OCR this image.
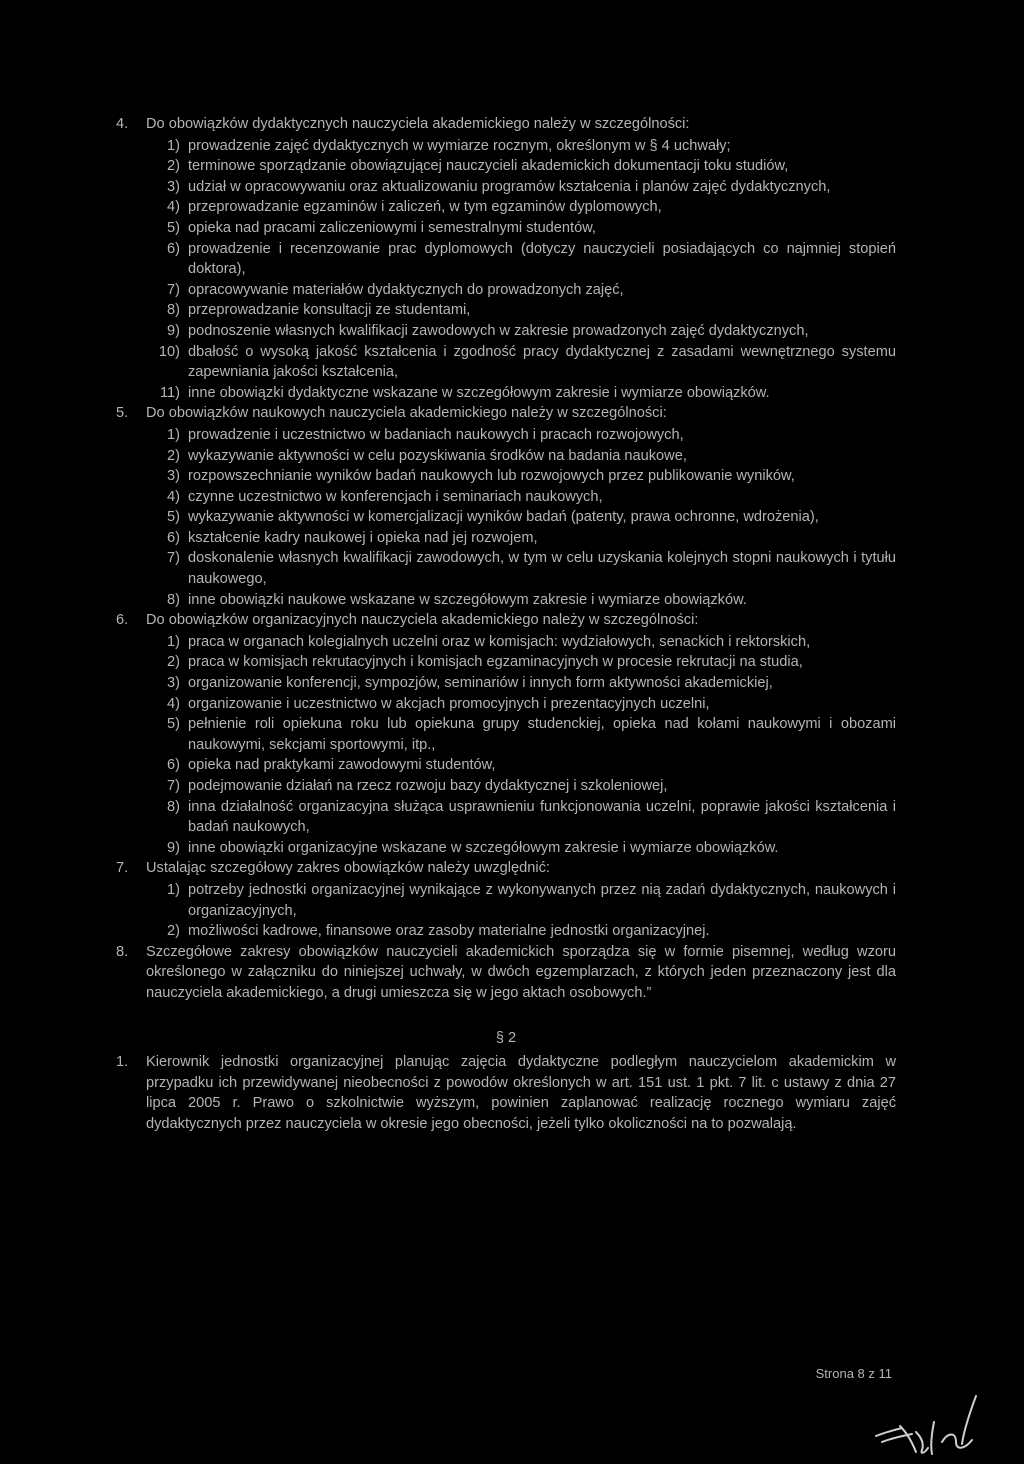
4.	Do obowiązków dydaktycznych nauczyciela akademickiego należy w szczególności:
1) prowadzenie zajęć dydaktycznych w wymiarze rocznym, określonym w § 4 uchwały;
2) terminowe sporządzanie obowiązującej nauczycieli akademickich dokumentacji toku studiów,
3) udział w opracowywaniu oraz aktualizowaniu programów kształcenia i planów zajęć dydaktycznych,
4) przeprowadzanie egzaminów i zaliczeń, w tym egzaminów dyplomowych,
5) opieka nad pracami zaliczeniowymi i semestralnymi studentów,
6) prowadzenie i recenzowanie prac dyplomowych (dotyczy nauczycieli posiadających co najmniej stopień doktora),
7) opracowywanie materiałów dydaktycznych do prowadzonych zajęć,
8) przeprowadzanie konsultacji ze studentami,
9) podnoszenie własnych kwalifikacji zawodowych w zakresie prowadzonych zajęć dydaktycznych,
10) dbałość o wysoką jakość kształcenia i zgodność pracy dydaktycznej z zasadami wewnętrznego systemu zapewniania jakości kształcenia,
11) inne obowiązki dydaktyczne wskazane w szczegółowym zakresie i wymiarze obowiązków.
5.	Do obowiązków naukowych nauczyciela akademickiego należy w szczególności:
1) prowadzenie i uczestnictwo w badaniach naukowych i pracach rozwojowych,
2) wykazywanie aktywności w celu pozyskiwania środków na badania naukowe,
3) rozpowszechnianie wyników badań naukowych lub rozwojowych przez publikowanie wyników,
4) czynne uczestnictwo w konferencjach i seminariach naukowych,
5) wykazywanie aktywności w komercjalizacji wyników badań (patenty, prawa ochronne, wdrożenia),
6) kształcenie kadry naukowej i opieka nad jej rozwojem,
7) doskonalenie własnych kwalifikacji zawodowych, w tym w celu uzyskania kolejnych stopni naukowych i tytułu naukowego,
8) inne obowiązki naukowe wskazane w szczegółowym zakresie i wymiarze obowiązków.
6.	Do obowiązków organizacyjnych nauczyciela akademickiego należy w szczególności:
1) praca w organach kolegialnych uczelni oraz w komisjach: wydziałowych, senackich i rektorskich,
2) praca w komisjach rekrutacyjnych i komisjach egzaminacyjnych w procesie rekrutacji na studia,
3) organizowanie konferencji, sympozjów, seminariów i innych form aktywności akademickiej,
4) organizowanie i uczestnictwo w akcjach promocyjnych i prezentacyjnych uczelni,
5) pełnienie roli opiekuna roku lub opiekuna grupy studenckiej, opieka nad kołami naukowymi i obozami naukowymi, sekcjami sportowymi, itp.,
6) opieka nad praktykami zawodowymi studentów,
7) podejmowanie działań na rzecz rozwoju bazy dydaktycznej i szkoleniowej,
8) inna działalność organizacyjna służąca usprawnieniu funkcjonowania uczelni, poprawie jakości kształcenia i badań naukowych,
9) inne obowiązki organizacyjne wskazane w szczegółowym zakresie i wymiarze obowiązków.
7.	Ustalając szczegółowy zakres obowiązków należy uwzględnić:
1) potrzeby jednostki organizacyjnej wynikające z wykonywanych przez nią zadań dydaktycznych, naukowych i organizacyjnych,
2) możliwości kadrowe, finansowe oraz zasoby materialne jednostki organizacyjnej.
8.	Szczegółowe zakresy obowiązków nauczycieli akademickich sporządza się w formie pisemnej, według wzoru określonego w załączniku do niniejszej uchwały, w dwóch egzemplarzach, z których jeden przeznaczony jest dla nauczyciela akademickiego, a drugi umieszcza się w jego aktach osobowych.”
§ 2
1.	Kierownik jednostki organizacyjnej planując zajęcia dydaktyczne podległym nauczycielom akademickim w przypadku ich przewidywanej nieobecności z powodów określonych w art. 151 ust. 1 pkt. 7 lit. c ustawy z dnia 27 lipca 2005 r. Prawo o szkolnictwie wyższym, powinien zaplanować realizację rocznego wymiaru zajęć dydaktycznych przez nauczyciela w okresie jego obecności, jeżeli tylko okoliczności na to pozwalają.
Strona 8 z 11
